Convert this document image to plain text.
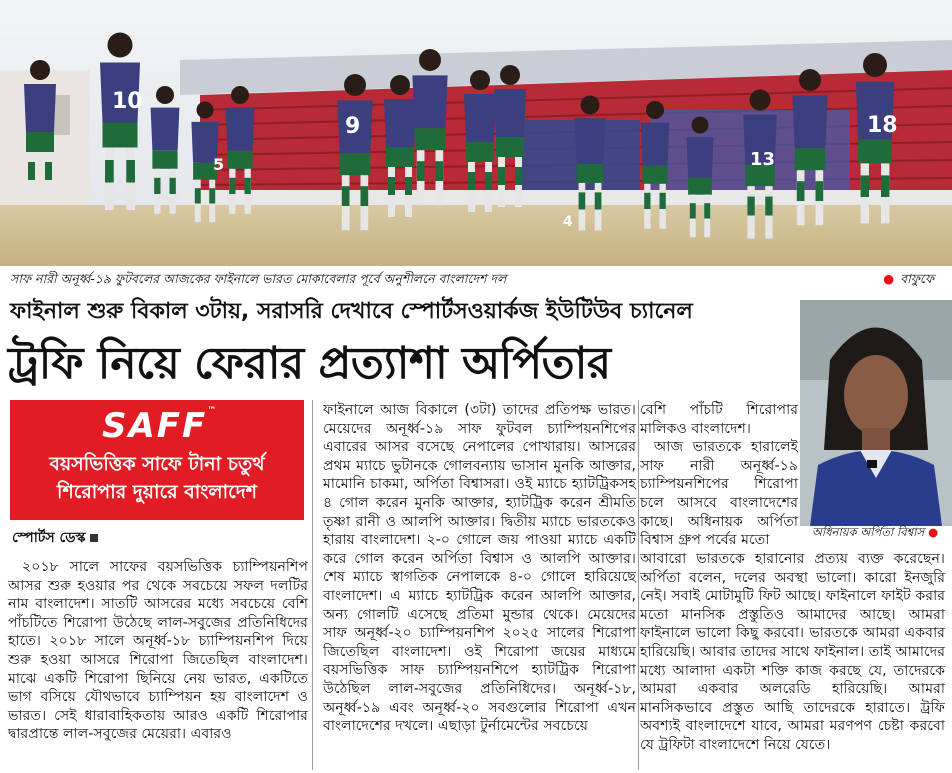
10
9
5
4
13
18
সাফ নারী অনূর্ধ্ব-১৯ ফুটবলের আজকের ফাইনালে ভারত মোকাবেলার পূর্বে অনুশীলনে বাংলাদেশ দল	● বাফুফে
ফাইনাল শুরু বিকাল ৩টায়, সরাসরি দেখাবে স্পোর্টসওয়ার্কজ ইউটিউব চ্যানেল
ট্রফি নিয়ে ফেরার প্রত্যাশা অর্পিতার
অধিনায়ক অর্পিতা বিশ্বাস ●
SAFF™
বয়সভিত্তিক সাফে টানা চতুর্থ
শিরোপার দুয়ারে বাংলাদেশ
স্পোর্টস ডেস্ক

২০১৮ সালে সাফের বয়সভিত্তিক চ্যাম্পিয়নশিপ আসর শুরু হওয়ার পর থেকে সবচেয়ে সফল দলটির নাম বাংলাদেশ। সাতটি আসরের মধ্যে সবচেয়ে বেশি পাঁচটিতে শিরোপা উঠেছে লাল-সবুজের প্রতিনিধিদের হাতে। ২০১৮ সালে অনূর্ধ্ব-১৮ চ্যাম্পিয়নশিপ দিয়ে শুরু হওয়া আসরে শিরোপা জিতেছিল বাংলাদেশ। মাঝে একটি শিরোপা ছিনিয়ে নেয় ভারত, একটিতে ভাগ বসিয়ে যৌথভাবে চ্যাম্পিয়ন হয় বাংলাদেশ ও ভারত। সেই ধারাবাহিকতায় আরও একটি শিরোপার দ্বারপ্রান্তে লাল-সবুজের মেয়েরা। এবারও

ফাইনালে আজ বিকালে (৩টা) তাদের প্রতিপক্ষ ভারত। মেয়েদের অনূর্ধ্ব-১৯ সাফ ফুটবল চ্যাম্পিয়নশিপের এবারের আসর বসেছে নেপালের পোখারায়। আসরের প্রথম ম্যাচে ভুটানকে গোলবন্যায় ভাসান মুনকি আক্তার, মামোনি চাকমা, অর্পিতা বিশ্বাসরা। ওই ম্যাচে হ্যাটট্রিকসহ ৪ গোল করেন মুনকি আক্তার, হ্যাটট্রিক করেন শ্রীমতি তৃষ্ণা রানী ও আলপি আক্তার। দ্বিতীয় ম্যাচে ভারতকেও হারায় বাংলাদেশ। ২-০ গোলে জয় পাওয়া ম্যাচে একটি করে গোল করেন অর্পিতা বিশ্বাস ও আলপি আক্তার। শেষ ম্যাচে স্বাগতিক নেপালকে ৪-০ গোলে হারিয়েছে বাংলাদেশ। এ ম্যাচে হ্যাটট্রিক করেন আলপি আক্তার, অন্য গোলটি এসেছে প্রতিমা মুন্ডার থেকে। মেয়েদের সাফ অনূর্ধ্ব-২০ চ্যাম্পিয়নশিপ ২০২৫ সালের শিরোপা জিতেছিল বাংলাদেশ। ওই শিরোপা জয়ের মাধ্যমে বয়সভিত্তিক সাফ চ্যাম্পিয়নশিপে হ্যাটট্রিক শিরোপা উঠেছিল লাল-সবুজের প্রতিনিধিদের। অনূর্ধ্ব-১৮, অনূর্ধ্ব-১৯ এবং অনূর্ধ্ব-২০ সবগুলোর শিরোপা এখন বাংলাদেশের দখলে। এছাড়া টুর্নামেন্টের সবচেয়ে

বেশি পাঁচটি শিরোপার মালিকও বাংলাদেশ।

আজ ভারতকে হারালেই সাফ নারী অনূর্ধ্ব-১৯ চ্যাম্পিয়নশিপের শিরোপা চলে আসবে বাংলাদেশের কাছে। অধিনায়ক অর্পিতা বিশ্বাস গ্রুপ পর্বের মতো

আবারো ভারতকে হারানোর প্রত্যয় ব্যক্ত করেছেন। অর্পিতা বলেন, দলের অবস্থা ভালো। কারো ইনজুরি নেই। সবাই মোটামুটি ফিট আছে। ফাইনালে ফাইট করার মতো মানসিক প্রস্তুতিও আমাদের আছে। আমরা ফাইনালে ভালো কিছু করবো। ভারতকে আমরা একবার হারিয়েছি। আবার তাদের সাথে ফাইনাল। তাই আমাদের মধ্যে আলাদা একটা শক্তি কাজ করছে যে, তাদেরকে আমরা একবার অলরেডি হারিয়েছি। আমরা মানসিকভাবে প্রস্তুত আছি তাদেরকে হারাতে। ট্রফি অবশ্যই বাংলাদেশে যাবে, আমরা মরণপণ চেষ্টা করবো যে ট্রফিটা বাংলাদেশে নিয়ে যেতে।
